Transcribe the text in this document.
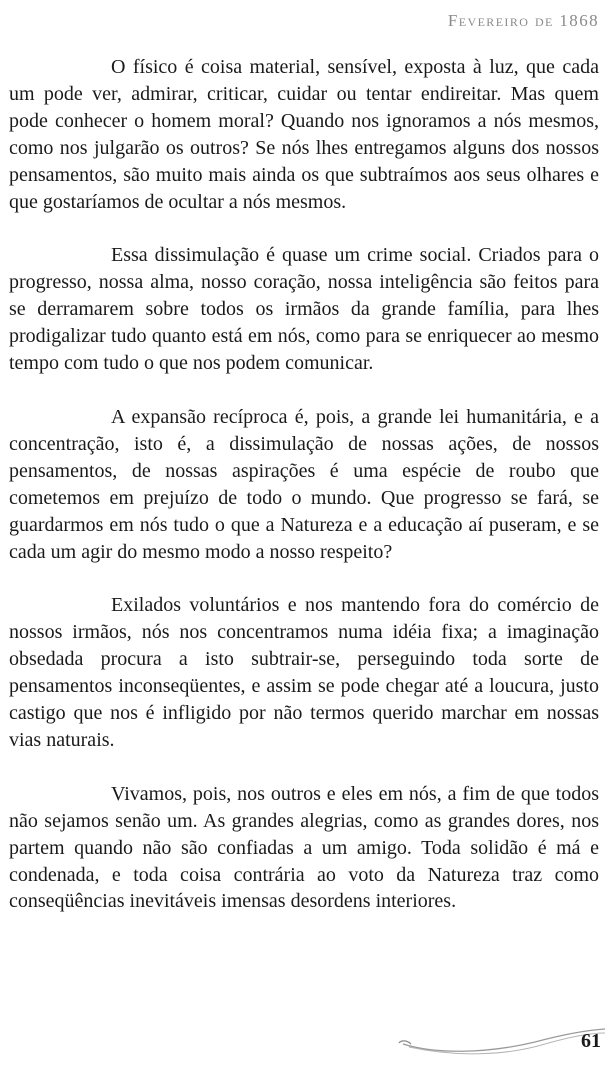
Fevereiro de 1868

O físico é coisa material, sensível, exposta à luz, que cada um pode ver, admirar, criticar, cuidar ou tentar endireitar. Mas quem pode conhecer o homem moral? Quando nos ignoramos a nós mesmos, como nos julgarão os outros? Se nós lhes entregamos alguns dos nossos pensamentos, são muito mais ainda os que subtraímos aos seus olhares e que gostaríamos de ocultar a nós mesmos.

Essa dissimulação é quase um crime social. Criados para o progresso, nossa alma, nosso coração, nossa inteligência são feitos para se derramarem sobre todos os irmãos da grande família, para lhes prodigalizar tudo quanto está em nós, como para se enriquecer ao mesmo tempo com tudo o que nos podem comunicar.

A expansão recíproca é, pois, a grande lei humanitária, e a concentração, isto é, a dissimulação de nossas ações, de nossos pensamentos, de nossas aspirações é uma espécie de roubo que cometemos em prejuízo de todo o mundo. Que progresso se fará, se guardarmos em nós tudo o que a Natureza e a educação aí puseram, e se cada um agir do mesmo modo a nosso respeito?

Exilados voluntários e nos mantendo fora do comércio de nossos irmãos, nós nos concentramos numa idéia fixa; a imaginação obsedada procura a isto subtrair-se, perseguindo toda sorte de pensamentos inconseqüentes, e assim se pode chegar até a loucura, justo castigo que nos é infligido por não termos querido marchar em nossas vias naturais.

Vivamos, pois, nos outros e eles em nós, a fim de que todos não sejamos senão um. As grandes alegrias, como as grandes dores, nos partem quando não são confiadas a um amigo. Toda solidão é má e condenada, e toda coisa contrária ao voto da Natureza traz como conseqüências inevitáveis imensas desordens interiores.

61
